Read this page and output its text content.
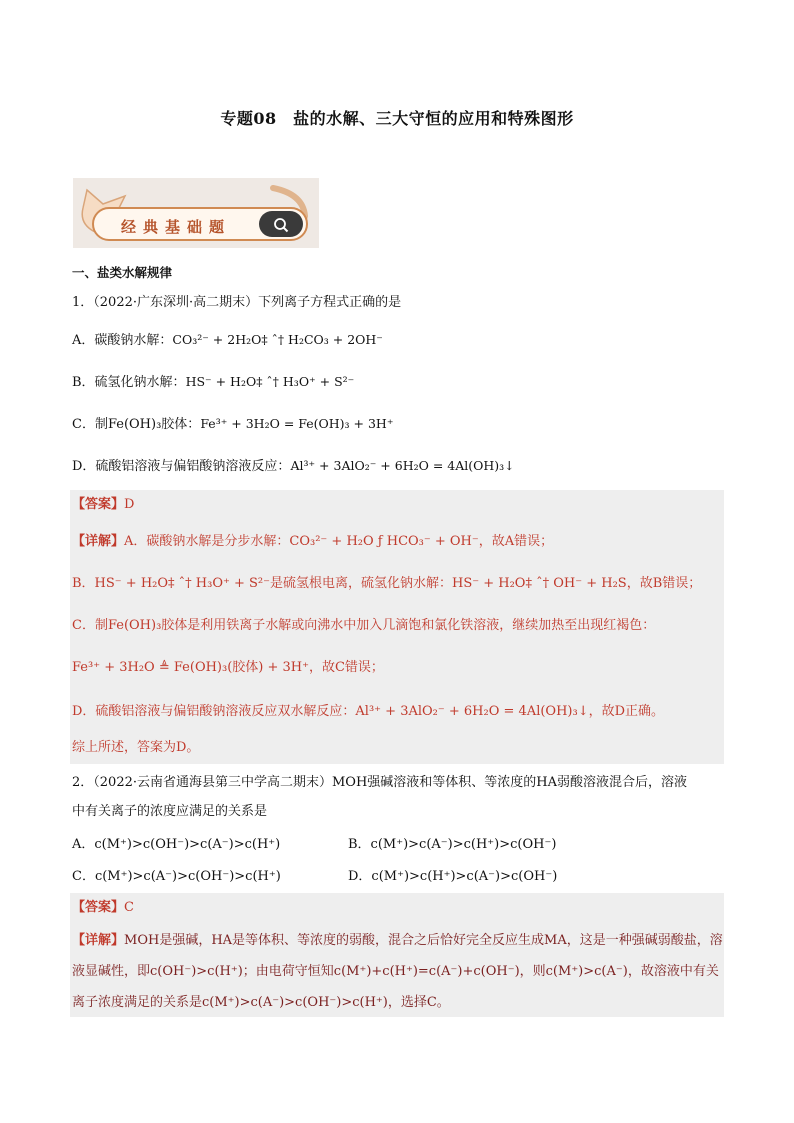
专题08　盐的水解、三大守恒的应用和特殊图形
经典基础题
一、盐类水解规律
1．（2022·广东深圳·高二期末）下列离子方程式正确的是
A．碳酸钠水解：CO₃²⁻ + 2H₂O‡ ˆ† H₂CO₃ + 2OH⁻
B．硫氢化钠水解：HS⁻ + H₂O‡ ˆ† H₃O⁺ + S²⁻
C．制Fe(OH)₃胶体：Fe³⁺ + 3H₂O = Fe(OH)₃ + 3H⁺
D．硫酸铝溶液与偏铝酸钠溶液反应：Al³⁺ + 3AlO₂⁻ + 6H₂O = 4Al(OH)₃↓
【答案】D
【详解】A．碳酸钠水解是分步水解：CO₃²⁻ + H₂O ƒ HCO₃⁻ + OH⁻，故A错误；
B．HS⁻ + H₂O‡ ˆ† H₃O⁺ + S²⁻是硫氢根电离，硫氢化钠水解：HS⁻ + H₂O‡ ˆ† OH⁻ + H₂S，故B错误；
C．制Fe(OH)₃胶体是利用铁离子水解或向沸水中加入几滴饱和氯化铁溶液，继续加热至出现红褐色：
Fe³⁺ + 3H₂O ≜ Fe(OH)₃(胶体) + 3H⁺，故C错误；
D．硫酸铝溶液与偏铝酸钠溶液反应双水解反应：Al³⁺ + 3AlO₂⁻ + 6H₂O = 4Al(OH)₃↓，故D正确。
综上所述，答案为D。
2．（2022·云南省通海县第三中学高二期末）MOH强碱溶液和等体积、等浓度的HA弱酸溶液混合后，溶液
中有关离子的浓度应满足的关系是
A．c(M⁺)>c(OH⁻)>c(A⁻)>c(H⁺)	B．c(M⁺)>c(A⁻)>c(H⁺)>c(OH⁻)
C．c(M⁺)>c(A⁻)>c(OH⁻)>c(H⁺)	D．c(M⁺)>c(H⁺)>c(A⁻)>c(OH⁻)
【答案】C
【详解】MOH是强碱，HA是等体积、等浓度的弱酸，混合之后恰好完全反应生成MA，这是一种强碱弱酸盐，溶液显碱性，即c(OH⁻)>c(H⁺)；由电荷守恒知c(M⁺)+c(H⁺)=c(A⁻)+c(OH⁻)，则c(M⁺)>c(A⁻)，故溶液中有关离子浓度满足的关系是c(M⁺)>c(A⁻)>c(OH⁻)>c(H⁺)，选择C。
